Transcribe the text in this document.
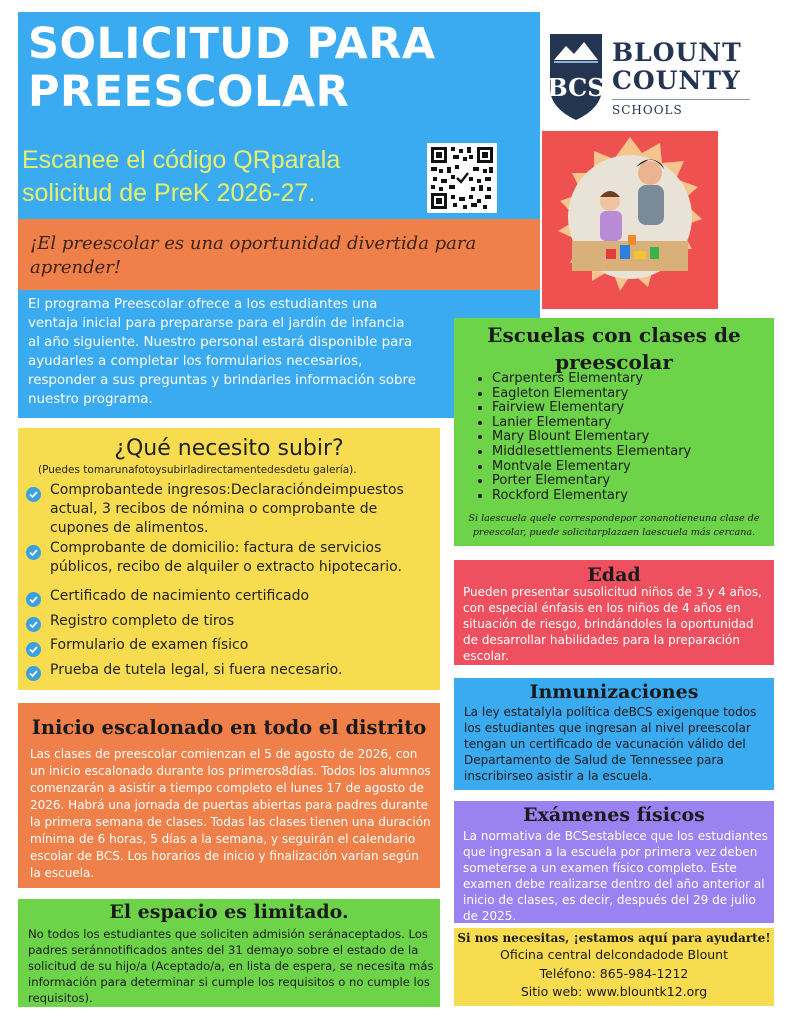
SOLICITUD PARA
PREESCOLAR
Escanee el código QRparala
solicitud de PreK 2026-27.
¡El preescolar es una oportunidad divertida para aprender!
El programa Preescolar ofrece a los estudiantes una ventaja inicial para prepararse para el jardín de infancia al año siguiente. Nuestro personal estará disponible para ayudarles a completar los formularios necesarios, responder a sus preguntas y brindarles información sobre nuestro programa.
BCS
BLOUNT
COUNTY
SCHOOLS
¿Qué necesito subir?
(Puedes tomarunafotoysubirladirectamentedesdetu galería).
Comprobantede ingresos:Declaracióndeimpuestos actual, 3 recibos de nómina o comprobante de cupones de alimentos.
Comprobante de domicilio: factura de servicios públicos, recibo de alquiler o extracto hipotecario.
Certificado de nacimiento certificado
Registro completo de tiros
Formulario de examen físico
Prueba de tutela legal, si fuera necesario.
Escuelas con clases de preescolar
• Carpenters Elementary
• Eagleton Elementary
• Fairview Elementary
• Lanier Elementary
• Mary Blount Elementary
• Middlesettlements Elementary
• Montvale Elementary
• Porter Elementary
• Rockford Elementary
Si laescuela quele correspondepor zonanotieneuna clase de preescolar, puede solicitarplazaen laescuela más cercana.
Edad
Pueden presentar susolicitud niños de 3 y 4 años, con especial énfasis en los niños de 4 años en situación de riesgo, brindándoles la oportunidad de desarrollar habilidades para la preparación escolar.
Inmunizaciones
La ley estatalyla política deBCS exigenque todos los estudiantes que ingresan al nivel preescolar tengan un certificado de vacunación válido del Departamento de Salud de Tennessee para inscribirseo asistir a la escuela.
Exámenes físicos
La normativa de BCSestablece que los estudiantes que ingresan a la escuela por primera vez deben someterse a un examen físico completo. Este examen debe realizarse dentro del año anterior al inicio de clases, es decir, después del 29 de julio de 2025.
Si nos necesitas, ¡estamos aquí para ayudarte!
Oficina central delcondadode Blount
Teléfono: 865-984-1212
Sitio web: www.blountk12.org
Inicio escalonado en todo el distrito
Las clases de preescolar comienzan el 5 de agosto de 2026, con un inicio escalonado durante los primeros8días. Todos los alumnos comenzarán a asistir a tiempo completo el lunes 17 de agosto de 2026. Habrá una jornada de puertas abiertas para padres durante la primera semana de clases. Todas las clases tienen una duración mínima de 6 horas, 5 días a la semana, y seguirán el calendario escolar de BCS. Los horarios de inicio y finalización varían según la escuela.
El espacio es limitado.
No todos los estudiantes que soliciten admisión seránaceptados. Los padres seránnotificados antes del 31 demayo sobre el estado de la solicitud de su hijo/a (Aceptado/a, en lista de espera, se necesita más información para determinar si cumple los requisitos o no cumple los requisitos).
